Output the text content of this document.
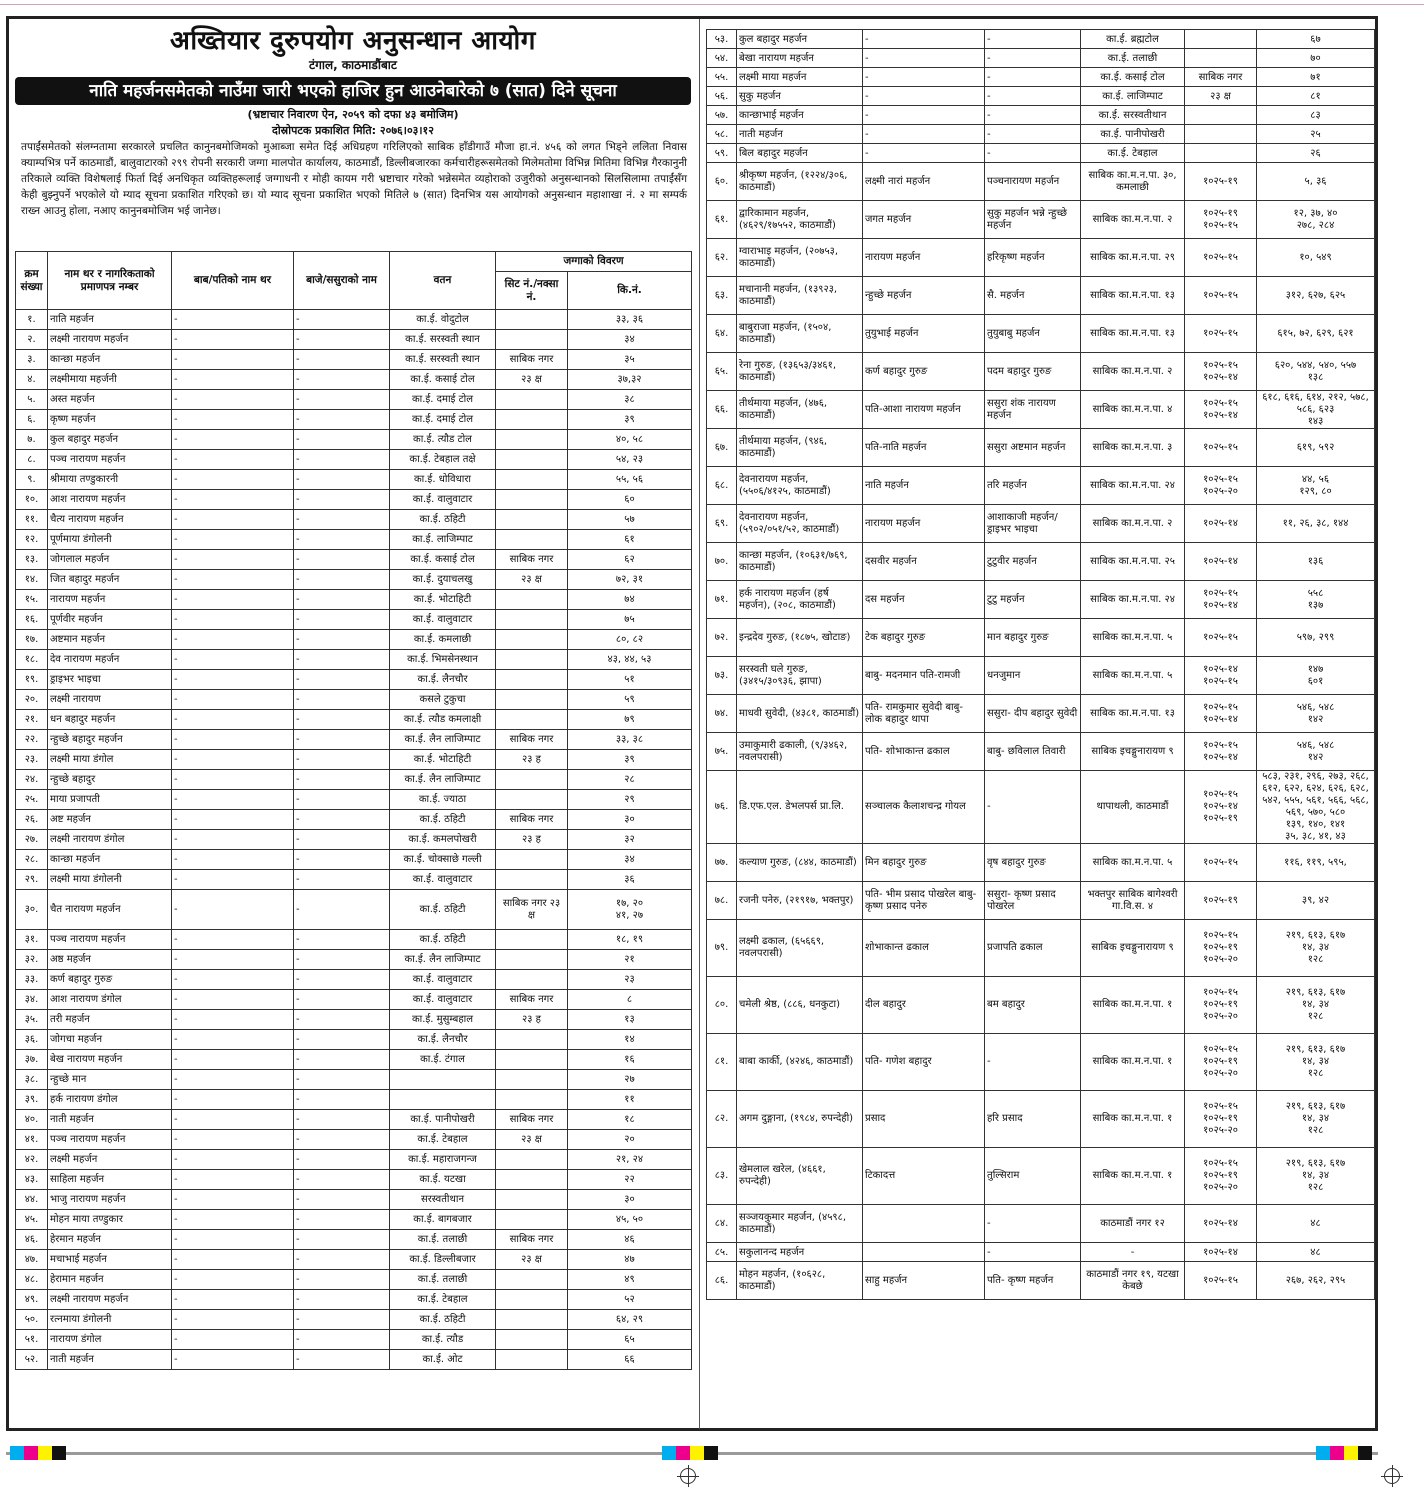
अख्तियार दुरुपयोग अनुसन्धान आयोग
टंगाल, काठमाडौंबाट
नाति महर्जनसमेतको नाउँमा जारी भएको हाजिर हुन आउनेबारेको ७ (सात) दिने सूचना
(भ्रष्टाचार निवारण ऐन, २०५९ को दफा ४३ बमोजिम)
दोस्रोपटक प्रकाशित मिति: २०७६।०३।१२
तपाईंसमेतको संलग्नतामा सरकारले प्रचलित कानुनबमोजिमको मुआब्जा समेत दिई अधिग्रहण गरिलिएको साबिक हाँडीगाउँ मौजा हा.नं. ४५६ को लगत भिड्ने ललिता निवास क्याम्पभित्र पर्ने काठमाडौं, बालुवाटारको २९९ रोपनी सरकारी जग्गा मालपोत कार्यालय, काठमाडौं, डिल्लीबजारका कर्मचारीहरूसमेतको मिलेमतोमा विभिन्न मितिमा विभिन्न गैरकानुनी तरिकाले व्यक्ति विशेषलाई फिर्ता दिई अनधिकृत व्यक्तिहरूलाई जग्गाधनी र मोही कायम गरी भ्रष्टाचार गरेको भन्नेसमेत व्यहोराको उजुरीको अनुसन्धानको सिलसिलामा तपाईंसँग केही बुझ्नुपर्ने भएकोले यो म्याद सूचना प्रकाशित गरिएको छ। यो म्याद सूचना प्रकाशित भएको मितिले ७ (सात) दिनभित्र यस आयोगको अनुसन्धान महाशाखा नं. २ मा सम्पर्क राख्न आउनु होला, नआए कानुनबमोजिम भई जानेछ।
क्रम संख्या	नाम थर र नागरिकताको प्रमाणपत्र नम्बर	बाब/पतिको नाम थर	बाजे/ससुराको नाम	वतन	जग्गाको विवरण	
					सिट नं./नक्सा नं.	कि.नं.
१.	नाति महर्जन	-	-	का.ई. वोदुटोल		३३, ३६
२.	लक्ष्मी नारायण महर्जन	-	-	का.ई. सरस्वती स्थान		३४
३.	कान्छा महर्जन	-	-	का.ई. सरस्वती स्थान	साबिक नगर	३५
४.	लक्ष्मीमाया महर्जनी	-	-	का.ई. कसाई टोल	२३ क्ष	३७,३२
५.	अस्त महर्जन	-	-	का.ई. दमाई टोल		३८
६.	कृष्ण महर्जन	-	-	का.ई. दमाई टोल		३९
७.	कुल बहादुर महर्जन	-	-	का.ई. त्यौड टोल		४०, ५८
८.	पञ्च नारायण महर्जन	-	-	का.ई. टेबहाल तक्षे		५४, २३
९.	श्रीमाया तण्डुकारनी	-	-	का.ई. धोविधारा		५५, ५६
१०.	आश नारायण महर्जन	-	-	का.ई. वालुवाटार		६०
११.	चैत्य नारायण महर्जन	-	-	का.ई. ठहिटी		५७
१२.	पूर्णमाया डंगोलनी	-	-	का.ई. लाजिम्पाट		६१
१३.	जोगलाल महर्जन	-	-	का.ई. कसाई टोल	साबिक नगर	६२
१४.	जित बहादुर महर्जन	-	-	का.ई. दुयाचलखु	२३ क्ष	७२, ३१
१५.	नारायण महर्जन	-	-	का.ई. भोटाहिटी		७४
१६.	पूर्णवीर महर्जन	-	-	का.ई. वालुवाटार		७५
१७.	अष्टमान महर्जन	-	-	का.ई. कमलाछी		८०, ८२
१८.	देव नारायण महर्जन	-	-	का.ई. भिमसेनस्थान		४३, ४४, ५३
१९.	ड्राइभर भाइचा	-	-	का.ई. लैनचौर		५१
२०.	लक्ष्मी नारायण	-	-	कसले टुकुचा		५९
२१.	धन बहादुर महर्जन	-	-	का.ई. त्यौड कमलाक्षी		७९
२२.	न्हुच्छे बहादुर महर्जन	-	-	का.ई. लैन लाजिम्पाट	साबिक नगर	३३, ३८
२३.	लक्ष्मी माया डंगोल	-	-	का.ई. भोटाहिटी	२३ ह	३९
२४.	न्हुच्छे बहादुर	-	-	का.ई. लैन लाजिम्पाट		२८
२५.	माया प्रजापती	-	-	का.ई. ज्याठा		२९
२६.	अष्ट महर्जन	-	-	का.ई. ठहिटी	साबिक नगर	३०
२७.	लक्ष्मी नारायण डंगोल	-	-	का.ई. कमलपोखरी	२३ ह	३२
२८.	कान्छा महर्जन	-	-	का.ई. चोक्साछे गल्ली		३४
२९.	लक्ष्मी माया डंगोलनी	-	-	का.ई. वालुवाटार		३६
३०.	चैत नारायण महर्जन	-	-	का.ई. ठहिटी	साबिक नगर २३ क्ष	१७, २०
४१, २७
३१.	पञ्च नारायण महर्जन	-	-	का.ई. ठहिटी		१८, १९
३२.	अष्ठ महर्जन	-	-	का.ई. लैन लाजिम्पाट		२१
३३.	कर्ण बहादुर गुरुङ	-	-	का.ई. वालुवाटार		२३
३४.	आश नारायण डंगोल	-	-	का.ई. वालुवाटार	साबिक नगर	८
३५.	तरी महर्जन	-	-	का.ई. मुसुम्बहाल	२३ ह	१३
३६.	जोगचा महर्जन	-	-	का.ई. लैनचौर		१४
३७.	बेख नारायण महर्जन	-	-	का.ई. टंगाल		१६
३८.	न्हुच्छे मान	-	-			२७
३९.	हर्क नारायण डंगोल	-	-			११
४०.	नाती महर्जन	-	-	का.ई. पानीपोखरी	साबिक नगर	१८
४१.	पञ्च नारायण महर्जन	-	-	का.ई. टेबहाल	२३ क्ष	२०
४२.	लक्ष्मी महर्जन	-	-	का.ई. महाराजगन्ज		२१, २४
४३.	साहिला महर्जन	-	-	का.ई. यटखा		२२
४४.	भाजु नारायण महर्जन	-	-	सरस्वतीथान		३०
४५.	मोहन माया तण्डुकार	-	-	का.ई. बागबजार		४५, ५०
४६.	हेरमान महर्जन	-	-	का.ई. तलाछी	साबिक नगर	४६
४७.	मचाभाई महर्जन	-	-	का.ई. डिल्लीबजार	२३ क्ष	४७
४८.	हेरामान महर्जन	-	-	का.ई. तलाछी		४९
४९.	लक्ष्मी नारायण महर्जन	-	-	का.ई. टेबहाल		५२
५०.	रत्नमाया डंगोलनी	-	-	का.ई. ठहिटी		६४, २९
५१.	नारायण डंगोल	-	-	का.ई. त्यौड		६५
५२.	नाती महर्जन	-	-	का.ई. ओट		६६
५३.	कुल बहादुर महर्जन	-	-	का.ई. ब्रह्मटोल		६७
५४.	बेखा नारायण महर्जन	-	-	का.ई. तलाछी		७०
५५.	लक्ष्मी माया महर्जन	-	-	का.ई. कसाई टोल	साबिक नगर	७१
५६.	सुकु महर्जन	-	-	का.ई. लाजिम्पाट	२३ क्ष	८१
५७.	कान्छाभाई महर्जन	-	-	का.ई. सरस्वतीथान		८३
५८.	नाती महर्जन	-	-	का.ई. पानीपोखरी		२५
५९.	बिल बहादुर महर्जन	-	-	का.ई. टेबहाल		२६
६०.	श्रीकृष्ण महर्जन, (१२२४/३०६, काठमाडौं)	लक्ष्मी नारां महर्जन	पञ्चनारायण महर्जन	साबिक का.म.न.पा. ३०, कमलाछी	१०२५-१९	५, ३६
६१.	द्वारिकामान महर्जन, (४६२९/१७५५२, काठमाडौं)	जगत महर्जन	सुकु महर्जन भन्ने न्हुच्छे महर्जन	साबिक का.म.न.पा. २	१०२५-१९
१०२५-१५	१२, ३७, ४०
२७८, २८४
६२.	ग्वाराभाइ महर्जन, (२०७५३, काठमाडौं)	नारायण महर्जन	हरिकृष्ण महर्जन	साबिक का.म.न.पा. २९	१०२५-१५	१०, ५४९
६३.	मचानानी महर्जन, (१३९२३, काठमाडौं)	न्हुच्छे महर्जन	सै. महर्जन	साबिक का.म.न.पा. १३	१०२५-१५	३१२, ६२७, ६२५
६४.	बाबुराजा महर्जन, (१५०४, काठमाडौं)	तुयुभाई महर्जन	तुयुबाबु महर्जन	साबिक का.म.न.पा. १३	१०२५-१५	६१५, ७२, ६२९, ६२१
६५.	रेना गुरुङ, (१३६५३/३४६१, काठमाडौं)	कर्ण बहादुर गुरुङ	पदम बहादुर गुरुङ	साबिक का.म.न.पा. २	१०२५-१५
१०२५-१४	६२०, ५४४, ५४०, ५५७
१३८
६६.	तीर्थमाया महर्जन, (४७६, काठमाडौं)	पति-आशा नारायण महर्जन	ससुरा शंक नारायण महर्जन	साबिक का.म.न.पा. ४	१०२५-१५
१०२५-१४	६१८, ६१६, ६१४, २१२, ५७८, ५८६, ६२३
१४३
६७.	तीर्थमाया महर्जन, (९४६, काठमाडौं)	पति-नाति महर्जन	ससुरा अष्टमान महर्जन	साबिक का.म.न.पा. ३	१०२५-१५	६१९, ५९२
६८.	देवनारायण महर्जन, (५५०६/४१२५, काठमाडौं)	नाति महर्जन	तरि महर्जन	साबिक का.म.न.पा. २४	१०२५-१५
१०२५-२०	४४, ५६
१२९, ८०
६९.	देवनारायण महर्जन, (५९०२/०५१/५२, काठमाडौं)	नारायण महर्जन	आशाकाजी महर्जन/ड्राइभर भाइचा	साबिक का.म.न.पा. २	१०२५-१४	११, २६, ३८, १४४
७०.	कान्छा महर्जन, (१०६३१/७६९, काठमाडौं)	दसवीर महर्जन	टुटुवीर महर्जन	साबिक का.म.न.पा. २५	१०२५-१४	१३६
७१.	हर्क नारायण महर्जन (हर्ष महर्जन), (२०८, काठमाडौं)	दस महर्जन	टुटु महर्जन	साबिक का.म.न.पा. २४	१०२५-१५
१०२५-१४	५५८
१३७
७२.	इन्द्रदेव गुरुङ, (१८७५, खोटाङ)	टेक बहादुर गुरुङ	मान बहादुर गुरुङ	साबिक का.म.न.पा. ५	१०२५-१५	५९७, २९९
७३.	सरस्वती घले गुरुङ, (३४१५/३०९३६, झापा)	बाबु- मदनमान पति-रामजी	धनजुमान	साबिक का.म.न.पा. ५	१०२५-१४
१०२५-१५	१४७
६०१
७४.	माधवी सुवेदी, (४३८१, काठमाडौं)	पति- रामकुमार सुवेदी बाबु- लोक बहादुर थापा	ससुरा- दीप बहादुर सुवेदी	साबिक का.म.न.पा. १३	१०२५-१५
१०२५-१४	५४६, ५४८
१४२
७५.	उमाकुमारी ढकाली, (९/३४६२, नवलपरासी)	पति- शोभाकान्त ढकाल	बाबु- छविलाल तिवारी	साबिक इचङ्गुनारायण ९	१०२५-१५
१०२५-१४	५४६, ५४८
१४२
७६.	डि.एफ.एल. डेभलपर्स प्रा.लि.	सञ्चालक कैलाशचन्द्र गोयल	-	थापाथली, काठमाडौं	१०२५-१५
१०२५-१४
१०२५-१९	५८३, २३१, २९६, २७३, २६८, ६१२, ६२२, ६२४, ६२६, ६२८, ५४२, ५५५, ५६१, ५६६, ५६८, ५६९, ५७०, ५८०
१३९, १४०, १४१
३५, ३८, ४१, ४३
७७.	कल्याण गुरुङ, (८४४, काठमाडौं)	मिन बहादुर गुरुङ	वृष बहादुर गुरुङ	साबिक का.म.न.पा. ५	१०२५-१५	११६, ११९, ५९५,
७८.	रजनी पनेरु, (२१९१७, भक्तपुर)	पति- भीम प्रसाद पोखरेल बाबु- कृष्ण प्रसाद पनेरु	ससुरा- कृष्ण प्रसाद पोखरेल	भक्तपुर साबिक बागेश्वरी गा.वि.स. ४	१०२५-१९	३९, ४२
७९.	लक्ष्मी ढकाल, (६५६६९, नवलपरासी)	शोभाकान्त ढकाल	प्रजापति ढकाल	साबिक इचङ्गुनारायण ९	१०२५-१५
१०२५-१९
१०२५-२०	२१९, ६१३, ६१७
१४, ३४
१२८
८०.	चमेली श्रेष्ठ, (८८६, धनकुटा)	दील बहादुर	बम बहादुर	साबिक का.म.न.पा. १	१०२५-१५
१०२५-१९
१०२५-२०	२१९, ६१३, ६१७
१४, ३४
१२८
८१.	बाबा कार्की, (४२४६, काठमाडौं)	पति- गणेश बहादुर	-	साबिक का.म.न.पा. १	१०२५-१५
१०२५-१९
१०२५-२०	२१९, ६१३, ६१७
१४, ३४
१२८
८२.	अगम दुङ्गाना, (१९८४, रुपन्देही)	प्रसाद	हरि प्रसाद	साबिक का.म.न.पा. १	१०२५-१५
१०२५-१९
१०२५-२०	२१९, ६१३, ६१७
१४, ३४
१२८
८३.	खेमलाल खरेल, (४६६१, रुपन्देही)	टिकादत्त	तुल्सिराम	साबिक का.म.न.पा. १	१०२५-१५
१०२५-१९
१०२५-२०	२१९, ६१३, ६१७
१४, ३४
१२८
८४.	सञ्जयकुमार महर्जन, (४५९८, काठमाडौं)		-	काठमाडौं नगर १२	१०२५-१४	४८
८५.	सकुलानन्द महर्जन		-	-	१०२५-१४	४८
८६.	मोहन महर्जन, (१०६२८, काठमाडौं)	साहु महर्जन	पति- कृष्ण महर्जन	काठमाडौं नगर १९, यटखा केबछे	१०२५-१५	२६७, २६२, २९५
